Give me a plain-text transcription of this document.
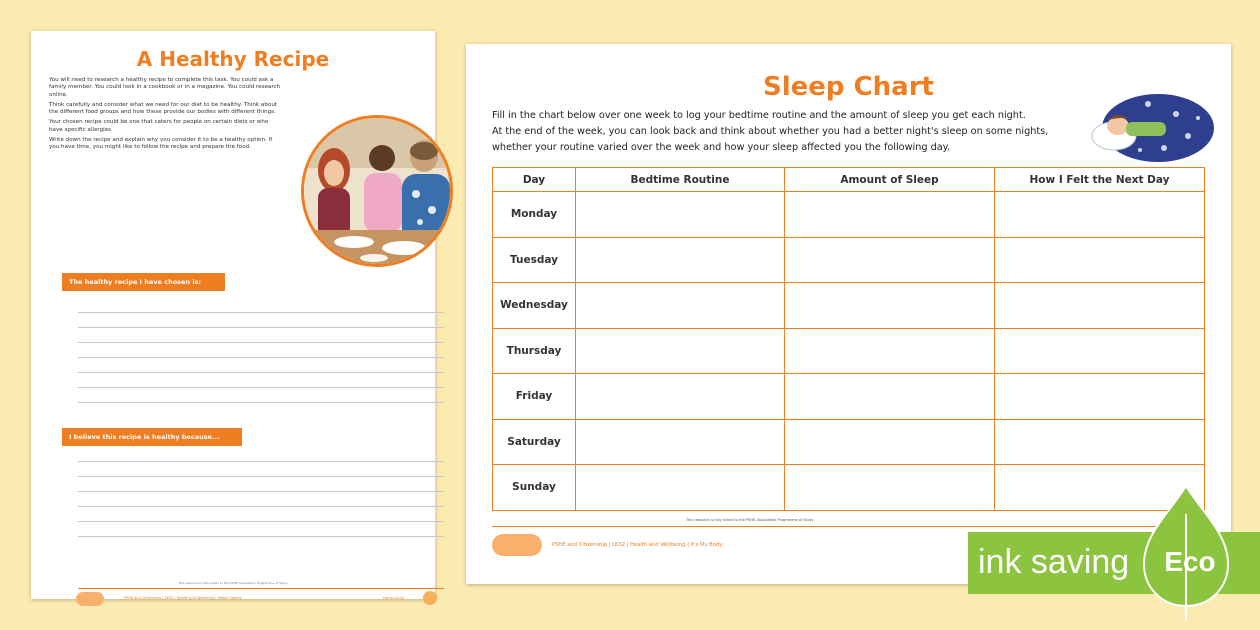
A Healthy Recipe

You will need to research a healthy recipe to complete this task. You could ask a family member. You could look in a cookbook or in a magazine. You could research online.

Think carefully and consider what we need for our diet to be healthy. Think about the different food groups and how these provide our bodies with different things.

Your chosen recipe could be one that caters for people on certain diets or who have specific allergies.

Write down the recipe and explain why you consider it to be a healthy option. If you have time, you might like to follow the recipe and prepare the food.

The healthy recipe I have chosen is:
I believe this recipe is healthy because...
This resource is fully linked to the PSHE Association Programme of Study
PSHE and Citizenship | LKS2 | Health and Wellbeing | Ready Steady	twinkl.co.uk
Sleep Chart
Fill in the chart below over one week to log your bedtime routine and the amount of sleep you get each night.
At the end of the week, you can look back and think about whether you had a better night's sleep on some nights, whether your routine varied over the week and how your sleep affected you the following day.
Day	Bedtime Routine	Amount of Sleep	How I Felt the Next Day
Monday			
Tuesday			
Wednesday			
Thursday			
Friday			
Saturday			
Sunday			
This resource is fully linked to the PSHE Association Programme of Study
PSHE and Citizenship | LKS2 | Health and Wellbeing | It's My Body	ink saving Eco
